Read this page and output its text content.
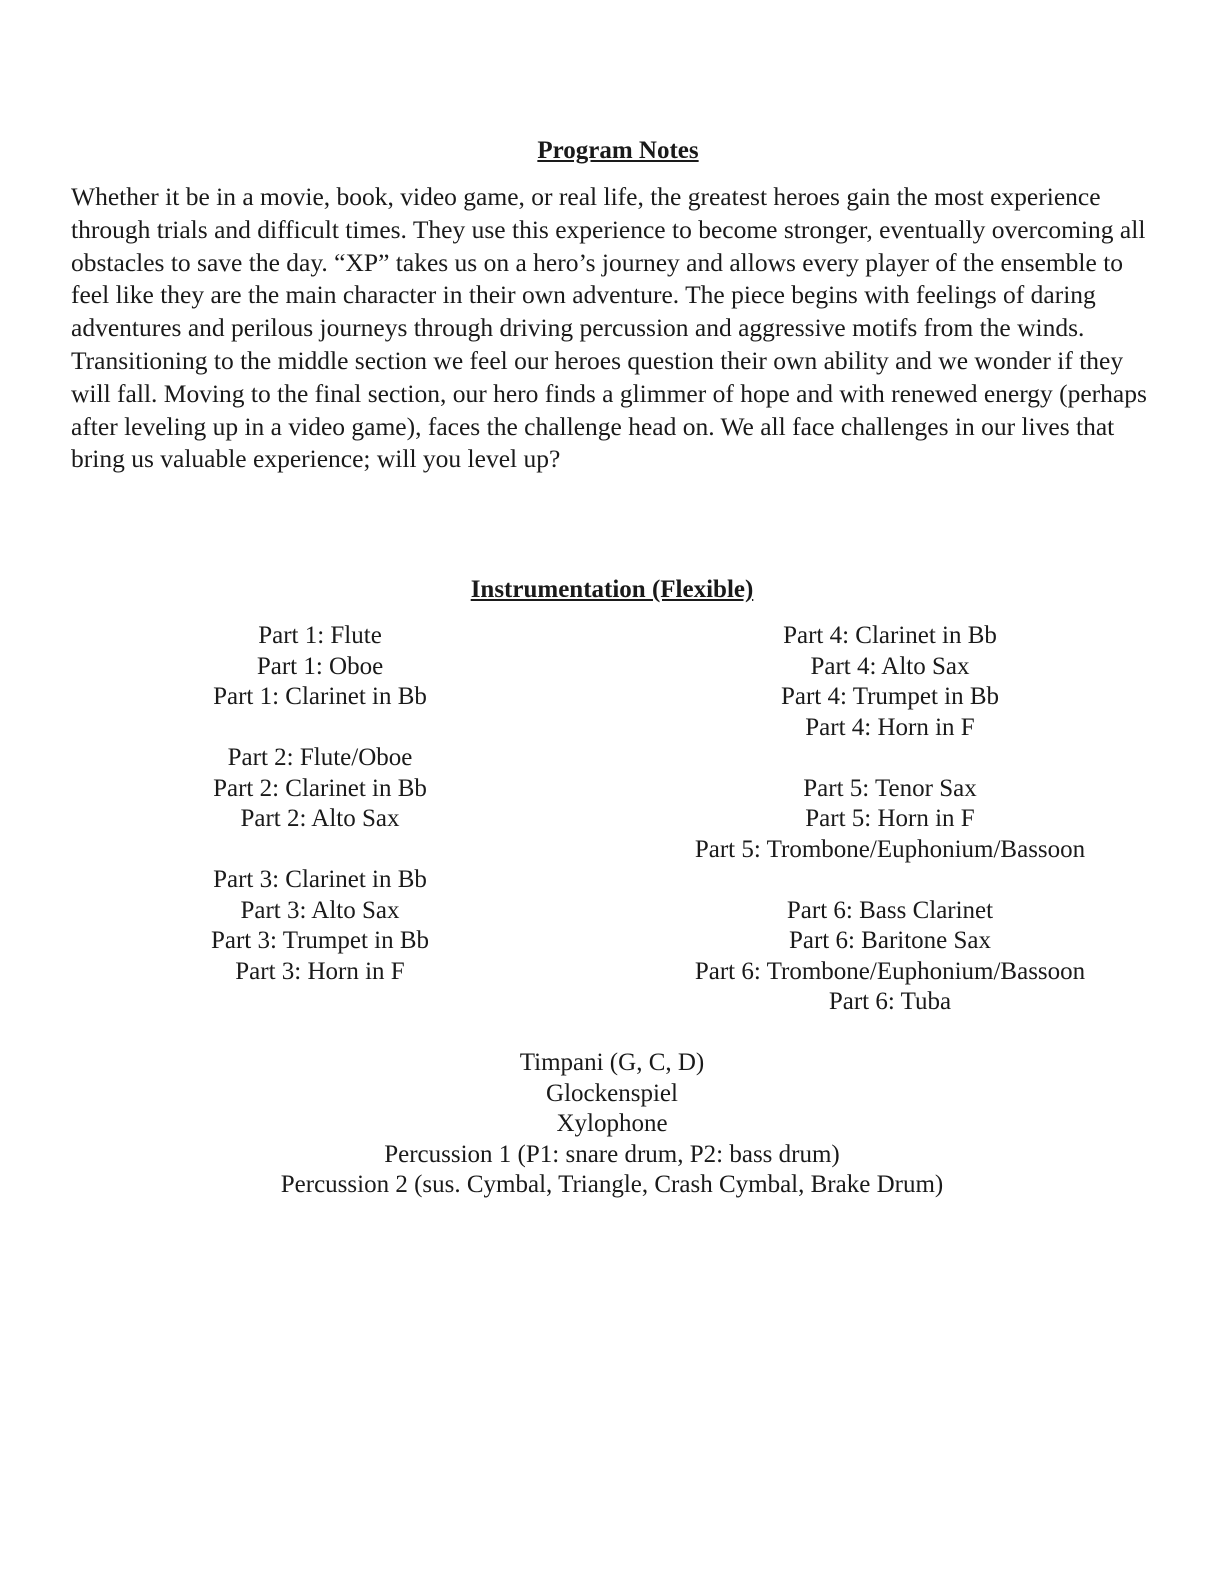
Program Notes

Whether it be in a movie, book, video game, or real life, the greatest heroes gain the most experience through trials and difficult times. They use this experience to become stronger, eventually overcoming all obstacles to save the day. “XP” takes us on a hero’s journey and allows every player of the ensemble to feel like they are the main character in their own adventure. The piece begins with feelings of daring adventures and perilous journeys through driving percussion and aggressive motifs from the winds. Transitioning to the middle section we feel our heroes question their own ability and we wonder if they will fall. Moving to the final section, our hero finds a glimmer of hope and with renewed energy (perhaps after leveling up in a video game), faces the challenge head on. We all face challenges in our lives that bring us valuable experience; will you level up?

Instrumentation (Flexible)
Part 1: Flute
Part 1: Oboe
Part 1: Clarinet in Bb
Part 2: Flute/Oboe
Part 2: Clarinet in Bb
Part 2: Alto Sax
Part 3: Clarinet in Bb
Part 3: Alto Sax
Part 3: Trumpet in Bb
Part 3: Horn in F
Part 4: Clarinet in Bb
Part 4: Alto Sax
Part 4: Trumpet in Bb
Part 4: Horn in F
Part 5: Tenor Sax
Part 5: Horn in F
Part 5: Trombone/Euphonium/Bassoon
Part 6: Bass Clarinet
Part 6: Baritone Sax
Part 6: Trombone/Euphonium/Bassoon
Part 6: Tuba
Timpani (G, C, D)
Glockenspiel
Xylophone
Percussion 1 (P1: snare drum, P2: bass drum)
Percussion 2 (sus. Cymbal, Triangle, Crash Cymbal, Brake Drum)
